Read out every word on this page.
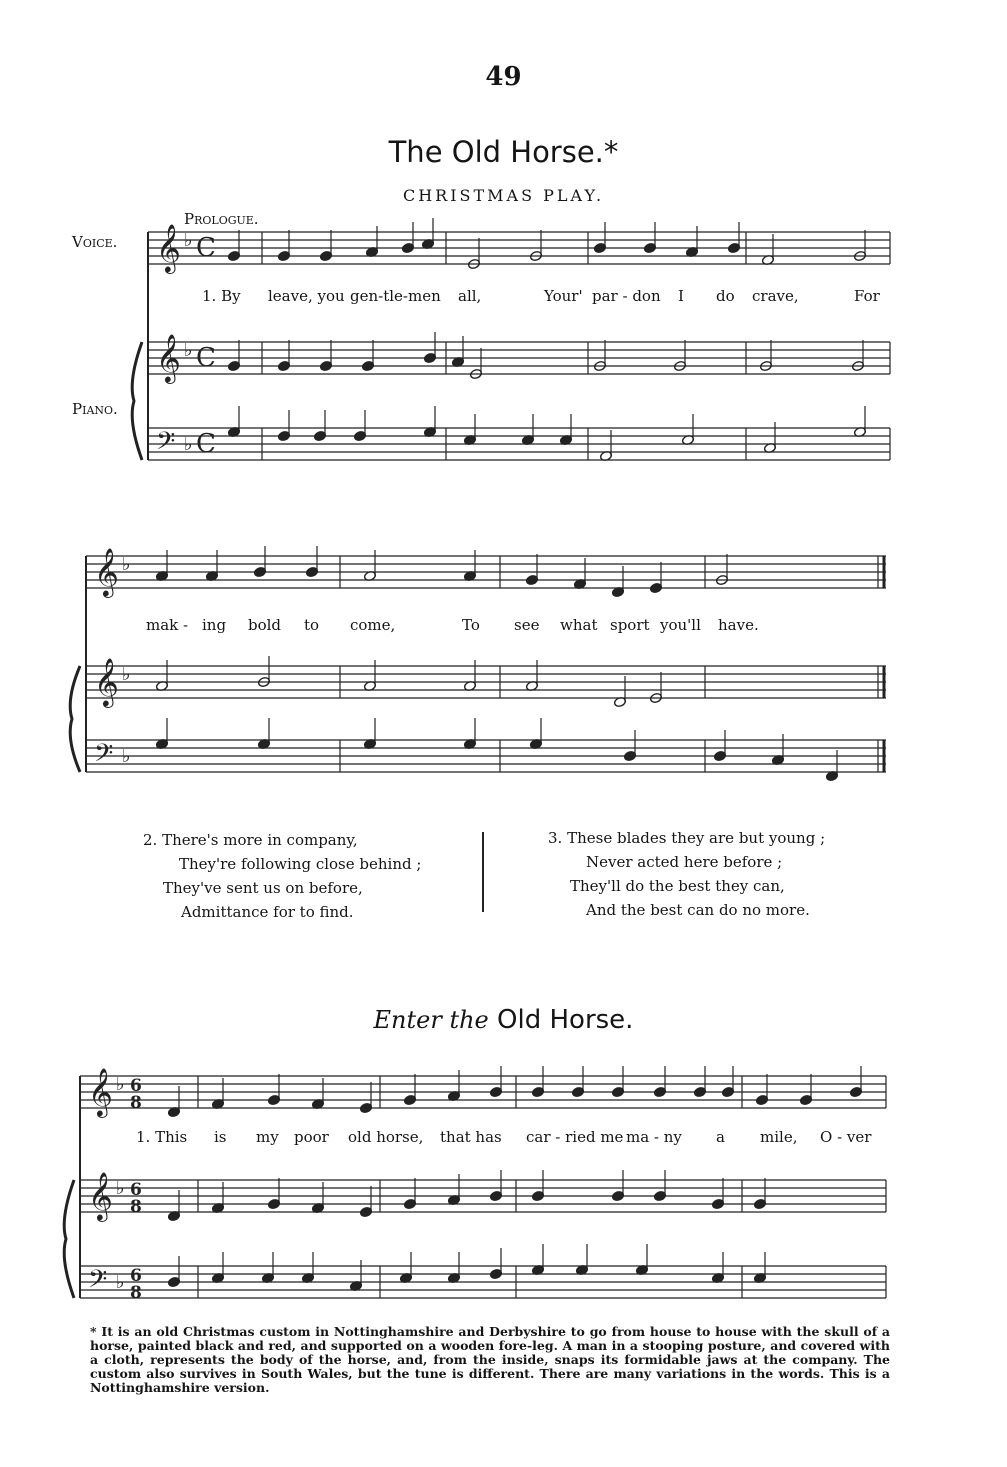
49
The Old Horse.*
CHRISTMAS PLAY.
Prologue.
Voice.
Piano.
𝄞 ♭ C
𝄞 ♭ C
𝄢 ♭ C
𝄞 ♭
𝄞 ♭
𝄢 ♭
𝄞 ♭ 6
8
𝄞 ♭ 6
8
𝄢 ♭ 6
8
1. By leave, you gen-tle-men all,	Your' par - don I do crave,	For
mak - ing bold to come,	To see what sport you'll have.
2. There's more in company,
They're following close behind ;
They've sent us on before,
Admittance for to find.
3. These blades they are but young ;
Never acted here before ;
They'll do the best they can,
And the best can do no more.
Enter the Old Horse.
1. This is my poor old horse, that has car - ried me ma - ny a mile, O - ver
* It is an old Christmas custom in Nottinghamshire and Derbyshire to go from house to house with the skull of a horse, painted black and red, and supported on a wooden fore-leg. A man in a stooping posture, and covered with a cloth, represents the body of the horse, and, from the inside, snaps its formidable jaws at the company. The custom also survives in South Wales, but the tune is different. There are many variations in the words. This is a Nottinghamshire version.
